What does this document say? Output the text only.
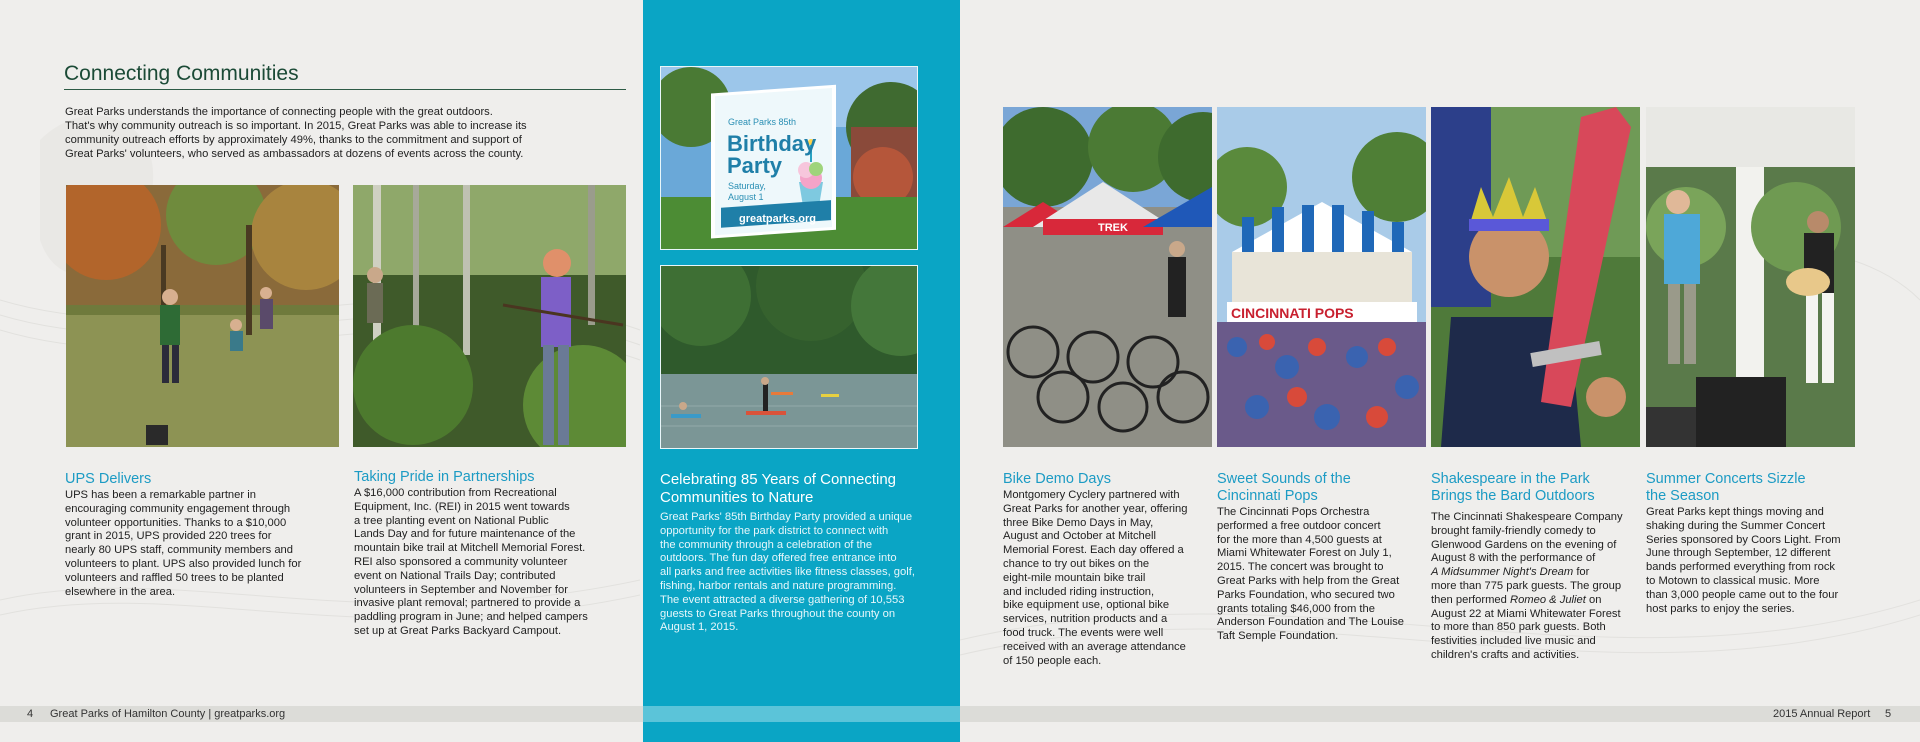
Connecting Communities
Great Parks understands the importance of connecting people with the great outdoors.
That's why community outreach is so important. In 2015, Great Parks was able to increase its
community outreach efforts by approximately 49%, thanks to the commitment and support of
Great Parks' volunteers, who served as ambassadors at dozens of events across the county.
UPS Delivers
UPS has been a remarkable partner in
encouraging community engagement through
volunteer opportunities. Thanks to a $10,000
grant in 2015, UPS provided 220 trees for
nearly 80 UPS staff, community members and
volunteers to plant. UPS also provided lunch for
volunteers and raffled 50 trees to be planted
elsewhere in the area.
Taking Pride in Partnerships
A $16,000 contribution from Recreational
Equipment, Inc. (REI) in 2015 went towards
a tree planting event on National Public
Lands Day and for future maintenance of the
mountain bike trail at Mitchell Memorial Forest.
REI also sponsored a community volunteer
event on National Trails Day; contributed
volunteers in September and November for
invasive plant removal; partnered to provide a
paddling program in June; and helped campers
set up at Great Parks Backyard Campout.
Great Parks 85th
Birthday
Party
Saturday,
August 1
greatparks.org
Celebrating 85 Years of Connecting
Communities to Nature
Great Parks' 85th Birthday Party provided a unique
opportunity for the park district to connect with
the community through a celebration of the
outdoors. The fun day offered free entrance into
all parks and free activities like fitness classes, golf,
fishing, harbor rentals and nature programming.
The event attracted a diverse gathering of 10,553
guests to Great Parks throughout the county on
August 1, 2015.
TREK
CINCINNATI POPS
Bike Demo Days
Montgomery Cyclery partnered with
Great Parks for another year, offering
three Bike Demo Days in May,
August and October at Mitchell
Memorial Forest. Each day offered a
chance to try out bikes on the
eight-mile mountain bike trail
and included riding instruction,
bike equipment use, optional bike
services, nutrition products and a
food truck. The events were well
received with an average attendance
of 150 people each.
Sweet Sounds of the
Cincinnati Pops
The Cincinnati Pops Orchestra
performed a free outdoor concert
for the more than 4,500 guests at
Miami Whitewater Forest on July 1,
2015. The concert was brought to
Great Parks with help from the Great
Parks Foundation, who secured two
grants totaling $46,000 from the
Anderson Foundation and The Louise
Taft Semple Foundation.
Shakespeare in the Park
Brings the Bard Outdoors
The Cincinnati Shakespeare Company
brought family-friendly comedy to
Glenwood Gardens on the evening of
August 8 with the performance of
A Midsummer Night's Dream for
more than 775 park guests. The group
then performed Romeo & Juliet on
August 22 at Miami Whitewater Forest
to more than 850 park guests. Both
festivities included live music and
children's crafts and activities.
Summer Concerts Sizzle
the Season
Great Parks kept things moving and
shaking during the Summer Concert
Series sponsored by Coors Light. From
June through September, 12 different
bands performed everything from rock
to Motown to classical music. More
than 3,000 people came out to the four
host parks to enjoy the series.
4 Great Parks of Hamilton County | greatparks.org	2015 Annual Report 5
